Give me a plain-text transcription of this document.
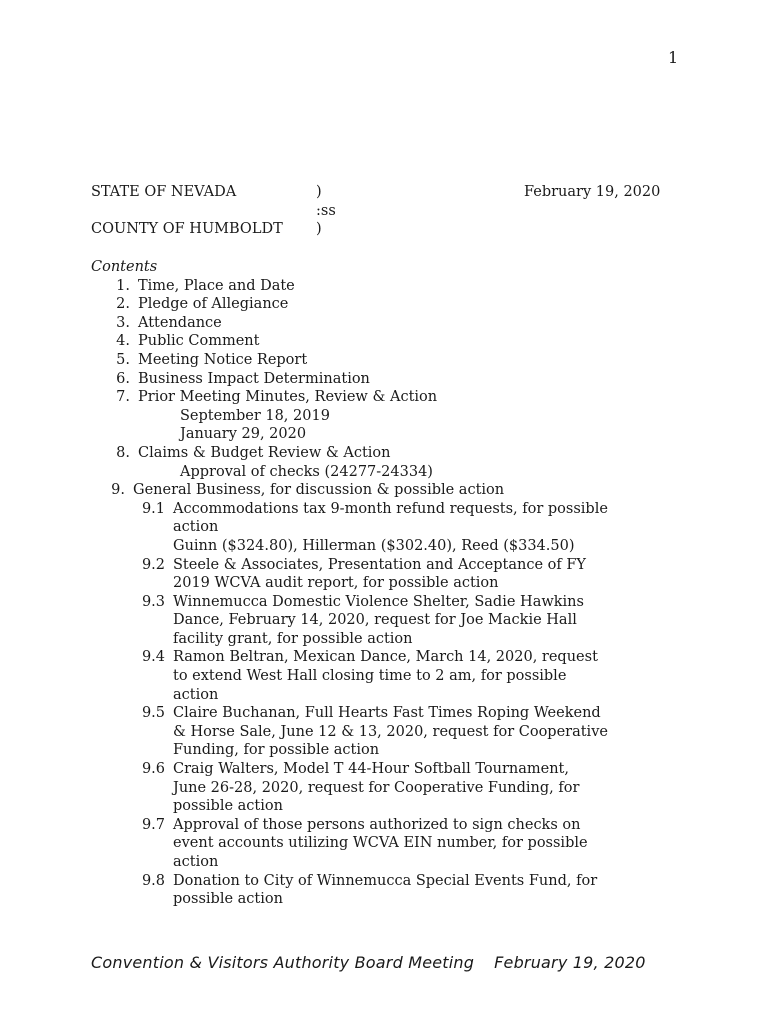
1
STATE OF NEVADA	)	February 19, 2020
:ss
COUNTY OF HUMBOLDT )
Contents
1. Time, Place and Date
2. Pledge of Allegiance
3. Attendance
4. Public Comment
5. Meeting Notice Report
6. Business Impact Determination
7. Prior Meeting Minutes, Review & Action
September 18, 2019
January 29, 2020
8. Claims & Budget Review & Action
Approval of checks (24277-24334)
9. General Business, for discussion & possible action
9.1 Accommodations tax 9-month refund requests, for possible
action
Guinn ($324.80), Hillerman ($302.40), Reed ($334.50)
9.2 Steele & Associates, Presentation and Acceptance of FY
2019 WCVA audit report, for possible action
9.3 Winnemucca Domestic Violence Shelter, Sadie Hawkins
Dance, February 14, 2020, request for Joe Mackie Hall
facility grant, for possible action
9.4 Ramon Beltran, Mexican Dance, March 14, 2020, request
to extend West Hall closing time to 2 am, for possible
action
9.5 Claire Buchanan, Full Hearts Fast Times Roping Weekend
& Horse Sale, June 12 & 13, 2020, request for Cooperative
Funding, for possible action
9.6 Craig Walters, Model T 44-Hour Softball Tournament,
June 26-28, 2020, request for Cooperative Funding, for
possible action
9.7 Approval of those persons authorized to sign checks on
event accounts utilizing WCVA EIN number, for possible
action
9.8 Donation to City of Winnemucca Special Events Fund, for
possible action
Convention & Visitors Authority Board Meeting February 19, 2020
